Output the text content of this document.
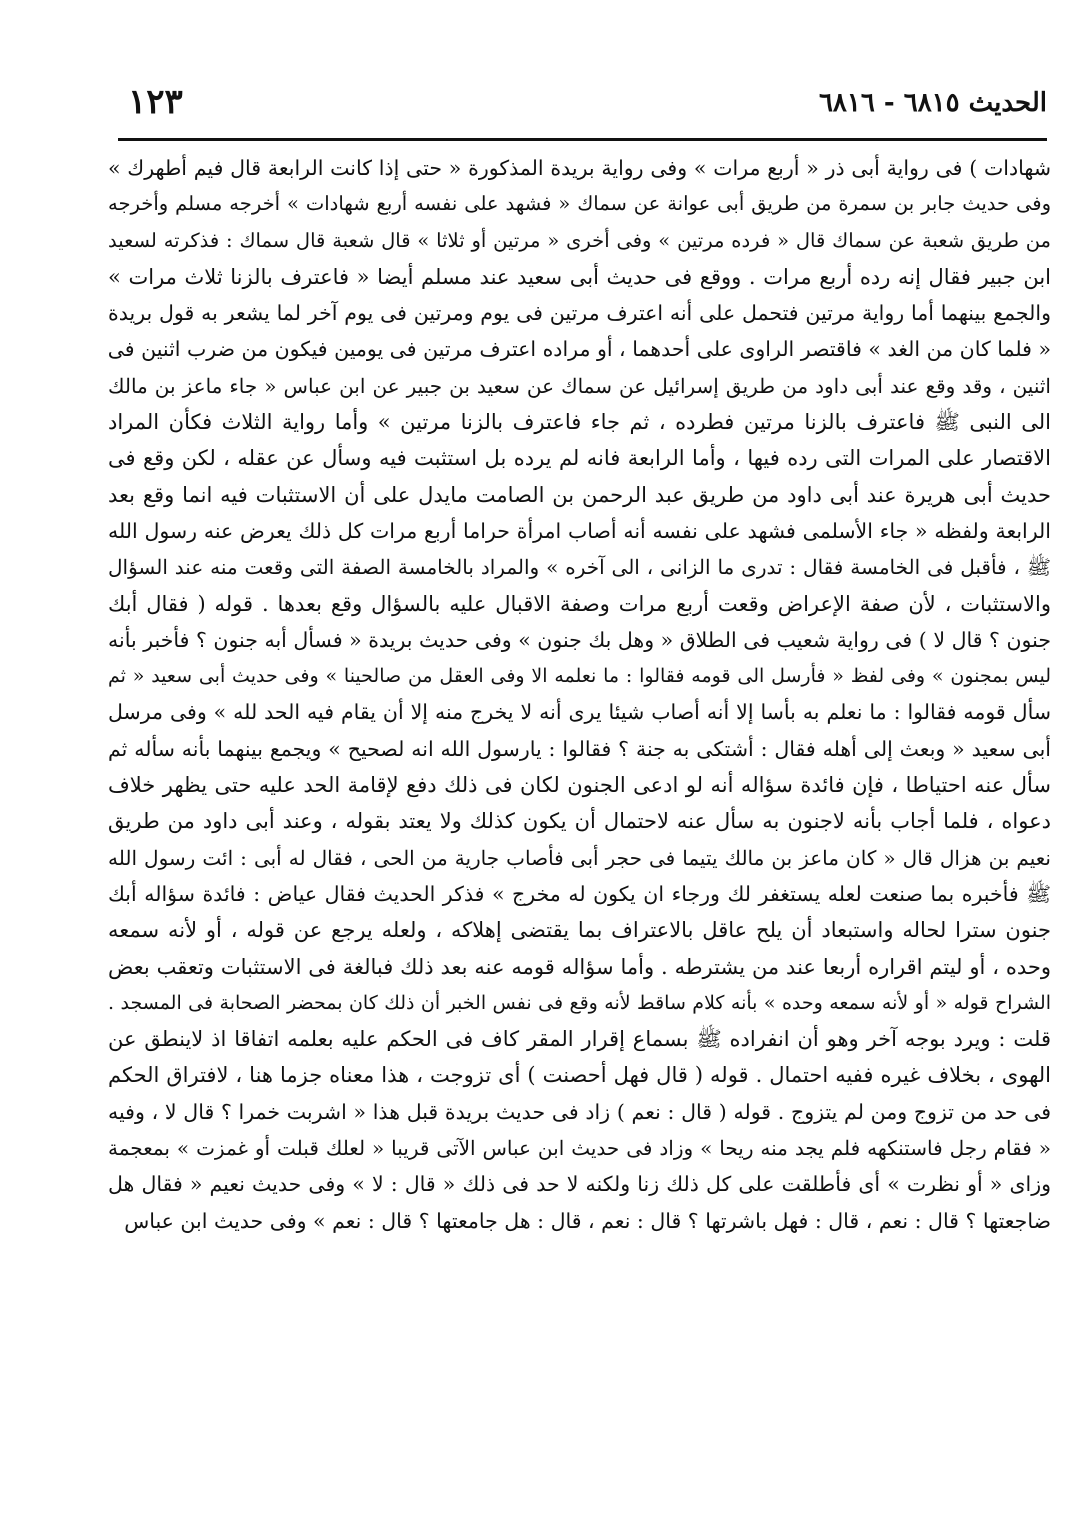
الحديث ٦٨١٥ - ٦٨١٦
١٢٣
شهادات ) فى رواية أبى ذر « أربع مرات » وفى رواية بريدة المذكورة « حتى إذا كانت الرابعة قال فيم أطهرك »
وفى حديث جابر بن سمرة من طريق أبى عوانة عن سماك « فشهد على نفسه أربع شهادات » أخرجه مسلم وأخرجه
من طريق شعبة عن سماك قال « فرده مرتين » وفى أخرى « مرتين أو ثلاثا » قال شعبة قال سماك : فذكرته لسعيد
ابن جبير فقال إنه رده أربع مرات . ووقع فى حديث أبى سعيد عند مسلم أيضا « فاعترف بالزنا ثلاث مرات »
والجمع بينهما أما رواية مرتين فتحمل على أنه اعترف مرتين فى يوم ومرتين فى يوم آخر لما يشعر به قول بريدة
« فلما كان من الغد » فاقتصر الراوى على أحدهما ، أو مراده اعترف مرتين فى يومين فيكون من ضرب اثنين فى
اثنين ، وقد وقع عند أبى داود من طريق إسرائيل عن سماك عن سعيد بن جبير عن ابن عباس « جاء ماعز بن مالك
الى النبى ﷺ فاعترف بالزنا مرتين فطرده ، ثم جاء فاعترف بالزنا مرتين » وأما رواية الثلاث فكأن المراد
الاقتصار على المرات التى رده فيها ، وأما الرابعة فانه لم يرده بل استثبت فيه وسأل عن عقله ، لكن وقع فى
حديث أبى هريرة عند أبى داود من طريق عبد الرحمن بن الصامت مايدل على أن الاستثبات فيه انما وقع بعد
الرابعة ولفظه « جاء الأسلمى فشهد على نفسه أنه أصاب امرأة حراما أربع مرات كل ذلك يعرض عنه رسول الله
ﷺ ، فأقبل فى الخامسة فقال : تدرى ما الزانى ، الى آخره » والمراد بالخامسة الصفة التى وقعت منه عند السؤال
والاستثبات ، لأن صفة الإعراض وقعت أربع مرات وصفة الاقبال عليه بالسؤال وقع بعدها . قوله ( فقال أبك
جنون ؟ قال لا ) فى رواية شعيب فى الطلاق « وهل بك جنون » وفى حديث بريدة « فسأل أبه جنون ؟ فأخبر بأنه
ليس بمجنون » وفى لفظ « فأرسل الى قومه فقالوا : ما نعلمه الا وفى العقل من صالحينا » وفى حديث أبى سعيد « ثم
سأل قومه فقالوا : ما نعلم به بأسا إلا أنه أصاب شيئا يرى أنه لا يخرج منه إلا أن يقام فيه الحد لله » وفى مرسل
أبى سعيد « وبعث إلى أهله فقال : أشتكى به جنة ؟ فقالوا : يارسول الله انه لصحيح » ويجمع بينهما بأنه سأله ثم
سأل عنه احتياطا ، فإن فائدة سؤاله أنه لو ادعى الجنون لكان فى ذلك دفع لإقامة الحد عليه حتى يظهر خلاف
دعواه ، فلما أجاب بأنه لاجنون به سأل عنه لاحتمال أن يكون كذلك ولا يعتد بقوله ، وعند أبى داود من طريق
نعيم بن هزال قال « كان ماعز بن مالك يتيما فى حجر أبى فأصاب جارية من الحى ، فقال له أبى : ائت رسول الله
ﷺ فأخبره بما صنعت لعله يستغفر لك ورجاء ان يكون له مخرج » فذكر الحديث فقال عياض : فائدة سؤاله أبك
جنون سترا لحاله واستبعاد أن يلح عاقل بالاعتراف بما يقتضى إهلاكه ، ولعله يرجع عن قوله ، أو لأنه سمعه
وحده ، أو ليتم اقراره أربعا عند من يشترطه . وأما سؤاله قومه عنه بعد ذلك فبالغة فى الاستثبات وتعقب بعض
الشراح قوله « أو لأنه سمعه وحده » بأنه كلام ساقط لأنه وقع فى نفس الخبر أن ذلك كان بمحضر الصحابة فى المسجد .
قلت : ويرد بوجه آخر وهو أن انفراده ﷺ بسماع إقرار المقر كاف فى الحكم عليه بعلمه اتفاقا اذ لاينطق عن
الهوى ، بخلاف غيره ففيه احتمال . قوله ( قال فهل أحصنت ) أى تزوجت ، هذا معناه جزما هنا ، لافتراق الحكم
فى حد من تزوج ومن لم يتزوج . قوله ( قال : نعم ) زاد فى حديث بريدة قبل هذا « اشربت خمرا ؟ قال لا ، وفيه
« فقام رجل فاستنكهه فلم يجد منه ريحا » وزاد فى حديث ابن عباس الآتى قريبا « لعلك قبلت أو غمزت » بمعجمة
وزاى « أو نظرت » أى فأطلقت على كل ذلك زنا ولكنه لا حد فى ذلك « قال : لا » وفى حديث نعيم « فقال هل
ضاجعتها ؟ قال : نعم ، قال : فهل باشرتها ؟ قال : نعم ، قال : هل جامعتها ؟ قال : نعم » وفى حديث ابن عباس
